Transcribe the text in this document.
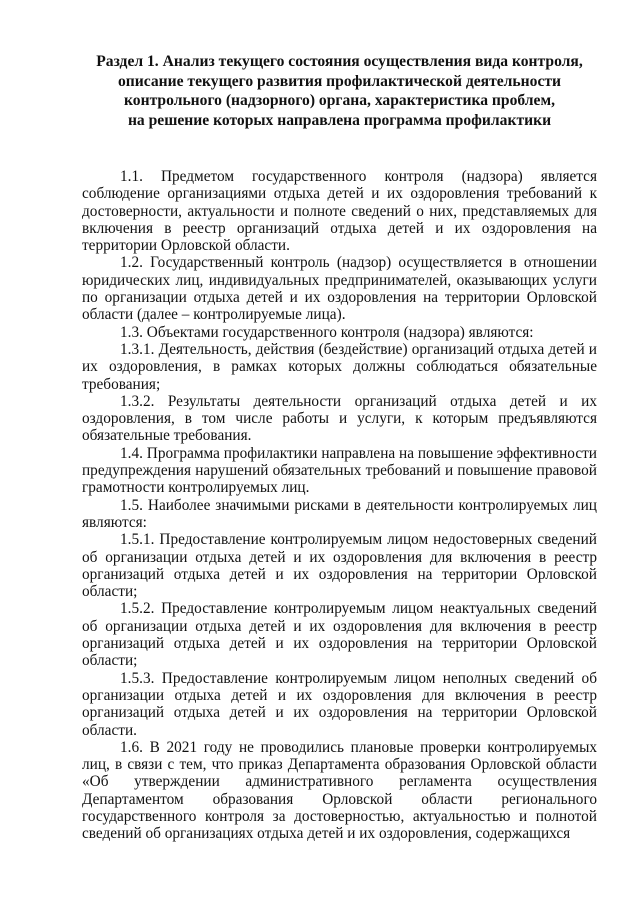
Раздел 1. Анализ текущего состояния осуществления вида контроля,
описание текущего развития профилактической деятельности
контрольного (надзорного) органа, характеристика проблем,
на решение которых направлена программа профилактики

1.1. Предметом государственного контроля (надзора) является соблюдение организациями отдыха детей и их оздоровления требований к достоверности, актуальности и полноте сведений о них, представляемых для включения в реестр организаций отдыха детей и их оздоровления на территории Орловской области.

1.2. Государственный контроль (надзор) осуществляется в отношении юридических лиц, индивидуальных предпринимателей, оказывающих услуги по организации отдыха детей и их оздоровления на территории Орловской области (далее – контролируемые лица).

1.3. Объектами государственного контроля (надзора) являются:

1.3.1. Деятельность, действия (бездействие) организаций отдыха детей и их оздоровления, в рамках которых должны соблюдаться обязательные требования;

1.3.2. Результаты деятельности организаций отдыха детей и их оздоровления, в том числе работы и услуги, к которым предъявляются обязательные требования.

1.4. Программа профилактики направлена на повышение эффективности предупреждения нарушений обязательных требований и повышение правовой грамотности контролируемых лиц.

1.5. Наиболее значимыми рисками в деятельности контролируемых лиц являются:

1.5.1. Предоставление контролируемым лицом недостоверных сведений об организации отдыха детей и их оздоровления для включения в реестр организаций отдыха детей и их оздоровления на территории Орловской области;

1.5.2. Предоставление контролируемым лицом неактуальных сведений об организации отдыха детей и их оздоровления для включения в реестр организаций отдыха детей и их оздоровления на территории Орловской области;

1.5.3. Предоставление контролируемым лицом неполных сведений об организации отдыха детей и их оздоровления для включения в реестр организаций отдыха детей и их оздоровления на территории Орловской области.

1.6. В 2021 году не проводились плановые проверки контролируемых лиц, в связи с тем, что приказ Департамента образования Орловской области «Об утверждении административного регламента осуществления Департаментом образования Орловской области регионального государственного контроля за достоверностью, актуальностью и полнотой сведений об организациях отдыха детей и их оздоровления, содержащихся
